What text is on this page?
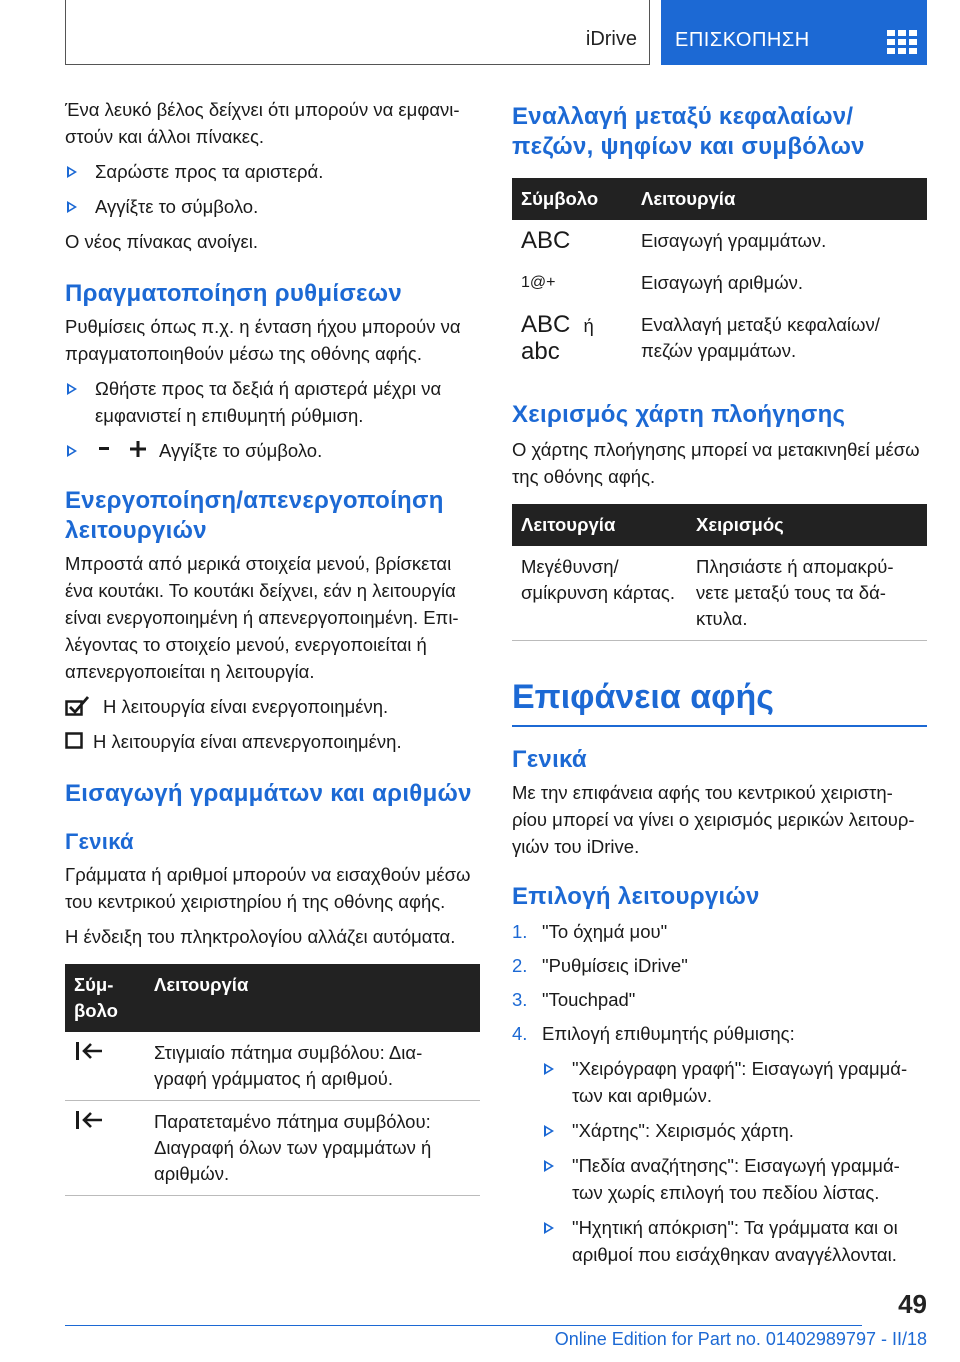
iDrive ΕΠΙΣΚΟΠΗΣΗ

Ένα λευκό βέλος δείχνει ότι μπορούν να εμφανι-στούν και άλλοι πίνακες.

Σαρώστε προς τα αριστερά.
Αγγίξτε το σύμβολο.

Ο νέος πίνακας ανοίγει.

Πραγματοποίηση ρυθμίσεων

Ρυθμίσεις όπως π.χ. η ένταση ήχου μπορούν να πραγματοποιηθούν μέσω της οθόνης αφής.

Ωθήστε προς τα δεξιά ή αριστερά μέχρι να εμφανιστεί η επιθυμητή ρύθμιση.
Αγγίξτε το σύμβολο.
Ενεργοποίηση/απενεργοποίηση λειτουργιών

Μπροστά από μερικά στοιχεία μενού, βρίσκεται ένα κουτάκι. Το κουτάκι δείχνει, εάν η λειτουργία είναι ενεργοποιημένη ή απενεργοποιημένη. Επι-λέγοντας το στοιχείο μενού, ενεργοποιείται ή απενεργοποιείται η λειτουργία.

Η λειτουργία είναι ενεργοποιημένη.
Η λειτουργία είναι απενεργοποιημένη.
Εισαγωγή γραμμάτων και αριθμών
Γενικά

Γράμματα ή αριθμοί μπορούν να εισαχθούν μέσω του κεντρικού χειριστηρίου ή της οθόνης αφής.

Η ένδειξη του πληκτρολογίου αλλάζει αυτόματα.

Σύμ-βολο	Λειτουργία
	Στιγμιαίο πάτημα συμβόλου: Δια-γραφή γράμματος ή αριθμού.
	Παρατεταμένο πάτημα συμβόλου: Διαγραφή όλων των γραμμάτων ή αριθμών.
Εναλλαγή μεταξύ κεφαλαίων/πεζών, ψηφίων και συμβόλων
Σύμβολο	Λειτουργία
ABC	Εισαγωγή γραμμάτων.
1@+	Εισαγωγή αριθμών.
ABC ή
abc	Εναλλαγή μεταξύ κεφαλαίων/πεζών γραμμάτων.
Χειρισμός χάρτη πλοήγησης

Ο χάρτης πλοήγησης μπορεί να μετακινηθεί μέσω της οθόνης αφής.

Λειτουργία	Χειρισμός
Μεγέθυνση/σμίκρυνση κάρτας.	Πλησιάστε ή απομακρύ-νετε μεταξύ τους τα δά-κτυλα.
Επιφάνεια αφής
Γενικά

Με την επιφάνεια αφής του κεντρικού χειριστη-ρίου μπορεί να γίνει ο χειρισμός μερικών λειτουρ-γιών του iDrive.

Επιλογή λειτουργιών
1. "Το όχημά μου"
2. "Ρυθμίσεις iDrive"
3. "Touchpad"
4. Επιλογή επιθυμητής ρύθμισης:
"Χειρόγραφη γραφή": Εισαγωγή γραμμά-των και αριθμών.
"Χάρτης": Χειρισμός χάρτη.
"Πεδία αναζήτησης": Εισαγωγή γραμμά-των χωρίς επιλογή του πεδίου λίστας.
"Ηχητική απόκριση": Τα γράμματα και οι αριθμοί που εισάχθηκαν αναγγέλλονται.
49
Online Edition for Part no. 01402989797 - II/18
